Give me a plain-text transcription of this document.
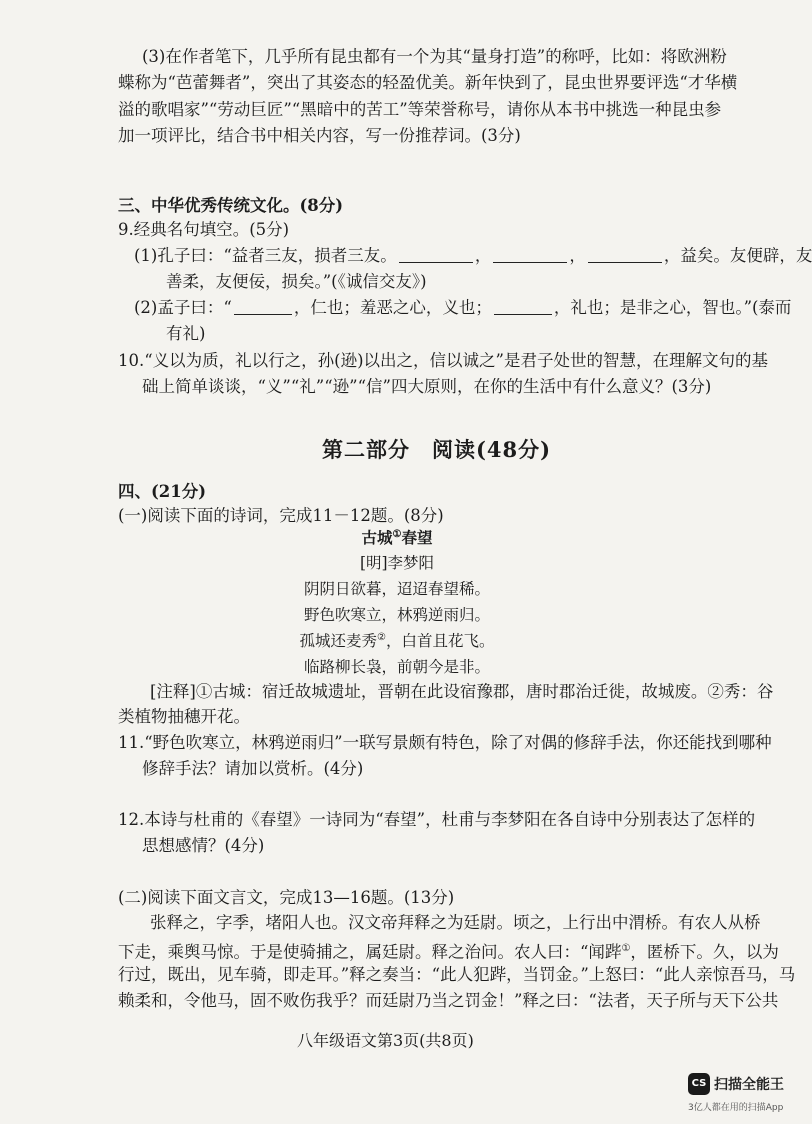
(3)在作者笔下，几乎所有昆虫都有一个为其“量身打造”的称呼，比如：将欧洲粉
蝶称为“芭蕾舞者”，突出了其姿态的轻盈优美。新年快到了，昆虫世界要评选“才华横
溢的歌唱家”“劳动巨匠”“黑暗中的苦工”等荣誉称号，请你从本书中挑选一种昆虫参
加一项评比，结合书中相关内容，写一份推荐词。(3分)
三、中华优秀传统文化。(8分)
9.经典名句填空。(5分)
(1)孔子曰：“益者三友，损者三友。	，	，	，益矣。友便辟，友
善柔，友便佞，损矣。”(《诚信交友》)
(2)孟子曰：“	，仁也；羞恶之心，义也；	，礼也；是非之心，智也。”(泰而
有礼)
10.“义以为质，礼以行之，孙(逊)以出之，信以诚之”是君子处世的智慧，在理解文句的基
础上简单谈谈，“义”“礼”“逊”“信”四大原则，在你的生活中有什么意义？(3分)
第二部分　阅读(48分)
四、(21分)
(一)阅读下面的诗词，完成11－12题。(8分)
古城①春望
[明]李梦阳
阴阴日欲暮，迢迢春望稀。
野色吹寒立，林鸦逆雨归。
孤城还麦秀②，白首且花飞。
临路柳长袅，前朝今是非。
[注释]①古城：宿迁故城遗址，晋朝在此设宿豫郡，唐时郡治迁徙，故城废。②秀：谷
类植物抽穗开花。
11.“野色吹寒立，林鸦逆雨归”一联写景颇有特色，除了对偶的修辞手法，你还能找到哪种
修辞手法？请加以赏析。(4分)
12.本诗与杜甫的《春望》一诗同为“春望”，杜甫与李梦阳在各自诗中分别表达了怎样的
思想感情？(4分)
(二)阅读下面文言文，完成13—16题。(13分)
张释之，字季，堵阳人也。汉文帝拜释之为廷尉。顷之，上行出中渭桥。有农人从桥
下走，乘舆马惊。于是使骑捕之，属廷尉。释之治问。农人曰：“闻跸①，匿桥下。久，以为
行过，既出，见车骑，即走耳。”释之奏当：“此人犯跸，当罚金。”上怒曰：“此人亲惊吾马，马
赖柔和，令他马，固不败伤我乎？而廷尉乃当之罚金！”释之曰：“法者，天子所与天下公共
八年级语文第3页(共8页)
CS 扫描全能王
3亿人都在用的扫描App
